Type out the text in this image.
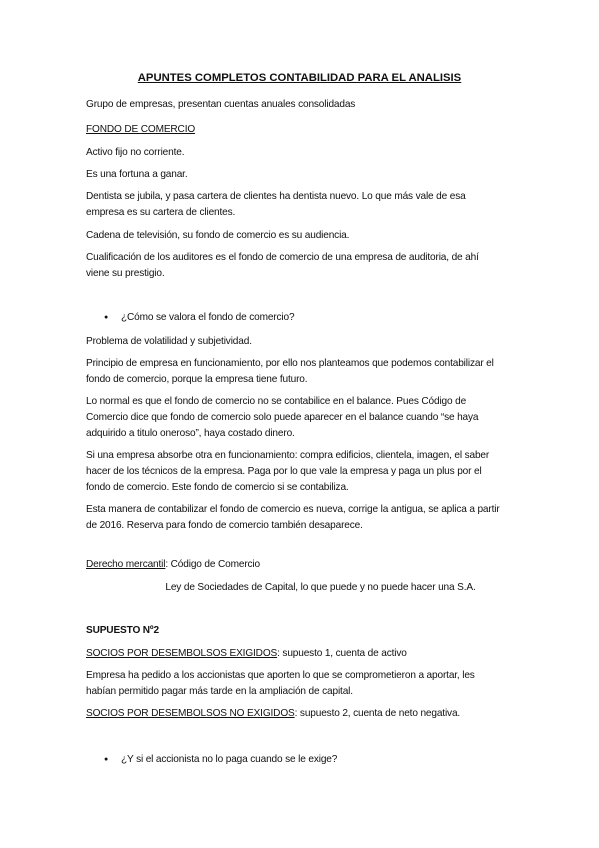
APUNTES COMPLETOS CONTABILIDAD PARA EL ANALISIS
Grupo de empresas, presentan cuentas anuales consolidadas
FONDO DE COMERCIO
Activo fijo no corriente.
Es una fortuna a ganar.
Dentista se jubila, y pasa cartera de clientes ha dentista nuevo. Lo que más vale de esa
empresa es su cartera de clientes.
Cadena de televisión, su fondo de comercio es su audiencia.
Cualificación de los auditores es el fondo de comercio de una empresa de auditoria, de ahí
viene su prestigio.
● ¿Cómo se valora el fondo de comercio?
Problema de volatilidad y subjetividad.
Principio de empresa en funcionamiento, por ello nos planteamos que podemos contabilizar el
fondo de comercio, porque la empresa tiene futuro.
Lo normal es que el fondo de comercio no se contabilice en el balance. Pues Código de
Comercio dice que fondo de comercio solo puede aparecer en el balance cuando “se haya
adquirido a titulo oneroso”, haya costado dinero.
Si una empresa absorbe otra en funcionamiento: compra edificios, clientela, imagen, el saber
hacer de los técnicos de la empresa. Paga por lo que vale la empresa y paga un plus por el
fondo de comercio. Este fondo de comercio si se contabiliza.
Esta manera de contabilizar el fondo de comercio es nueva, corrige la antigua, se aplica a partir
de 2016. Reserva para fondo de comercio también desaparece.
Derecho mercantil: Código de Comercio
Ley de Sociedades de Capital, lo que puede y no puede hacer una S.A.
SUPUESTO Nº2
SOCIOS POR DESEMBOLSOS EXIGIDOS: supuesto 1, cuenta de activo
Empresa ha pedido a los accionistas que aporten lo que se comprometieron a aportar, les
habían permitido pagar más tarde en la ampliación de capital.
SOCIOS POR DESEMBOLSOS NO EXIGIDOS: supuesto 2, cuenta de neto negativa.
● ¿Y si el accionista no lo paga cuando se le exige?
